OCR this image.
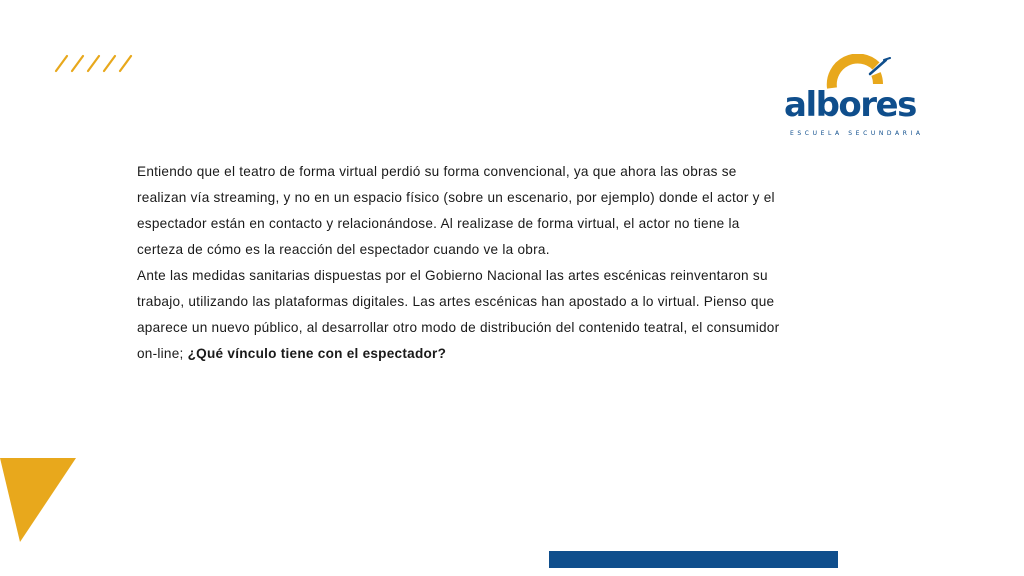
albores
ESCUELA SECUNDARIA

Entiendo que el teatro de forma virtual perdió su forma convencional, ya que ahora las obras se realizan vía streaming, y no en un espacio físico (sobre un escenario, por ejemplo) donde el actor y el espectador están en contacto y relacionándose. Al realizase de forma virtual, el actor no tiene la certeza de cómo es la reacción del espectador cuando ve la obra.
Ante las medidas sanitarias dispuestas por el Gobierno Nacional las artes escénicas reinventaron su trabajo, utilizando las plataformas digitales. Las artes escénicas han apostado a lo virtual. Pienso que aparece un nuevo público, al desarrollar otro modo de distribución del contenido teatral, el consumidor on-line; ¿Qué vínculo tiene con el espectador?
